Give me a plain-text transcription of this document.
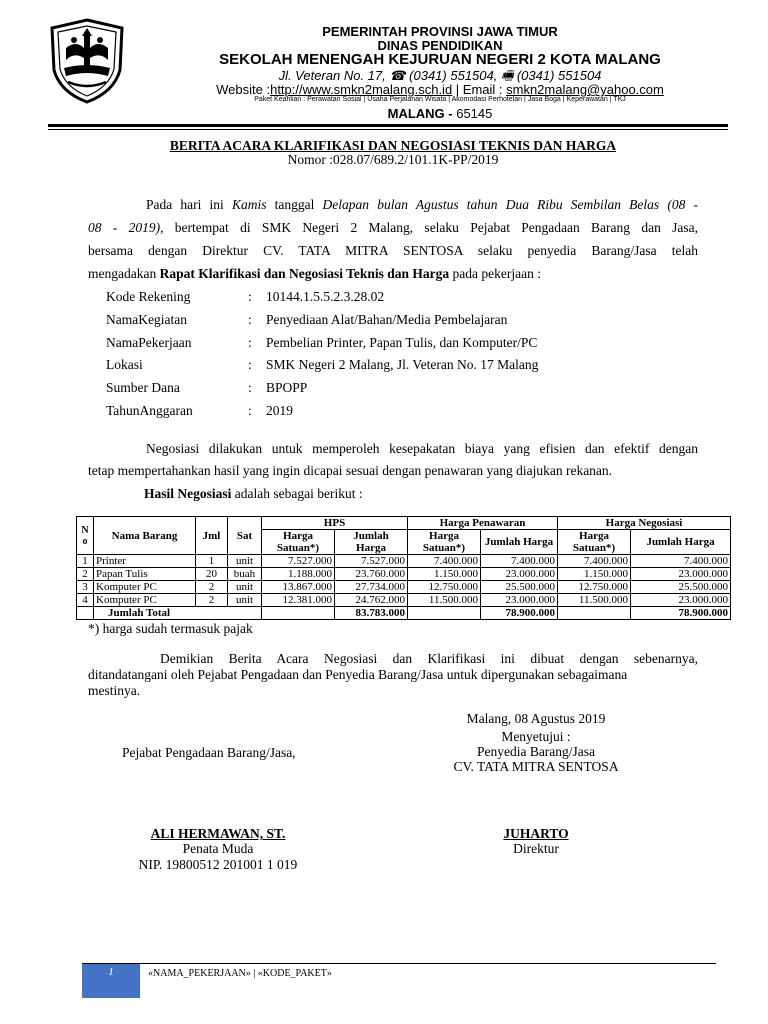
PEMERINTAH PROVINSI JAWA TIMUR
DINAS PENDIDIKAN
SEKOLAH MENENGAH KEJURUAN NEGERI 2 KOTA MALANG
Jl. Veteran No. 17, ☎ (0341) 551504, 🖷 (0341) 551504
Website :http://www.smkn2malang.sch.id | Email : smkn2malang@yahoo.com
Paket Keahlian : Perawatan Sosial | Usaha Perjalanan Wisata | Akomodasi Perhotelan | Jasa Boga | Keperawatan | TKJ
MALANG - 65145
BERITA ACARA KLARIFIKASI DAN NEGOSIASI TEKNIS DAN HARGA
Nomor :028.07/689.2/101.1K-PP/2019
Pada hari ini Kamis tanggal Delapan bulan Agustus tahun Dua Ribu Sembilan Belas (08 -
08 - 2019), bertempat di SMK Negeri 2 Malang, selaku Pejabat Pengadaan Barang dan Jasa,
bersama dengan Direktur CV. TATA MITRA SENTOSA selaku penyedia Barang/Jasa telah
mengadakan Rapat Klarifikasi dan Negosiasi Teknis dan Harga pada pekerjaan :
Kode Rekening	: 10144.1.5.5.2.3.28.02
NamaKegiatan	: Penyediaan Alat/Bahan/Media Pembelajaran
NamaPekerjaan	: Pembelian Printer, Papan Tulis, dan Komputer/PC
Lokasi	: SMK Negeri 2 Malang, Jl. Veteran No. 17 Malang
Sumber Dana	: BPOPP
TahunAnggaran	: 2019
Negosiasi dilakukan untuk memperoleh kesepakatan biaya yang efisien dan efektif dengan
tetap mempertahankan hasil yang ingin dicapai sesuai dengan penawaran yang diajukan rekanan.
Hasil Negosiasi adalah sebagai berikut :
N o	Nama Barang	Jml	Sat	HPS		Harga Penawaran		Harga Negosiasi	
				Harga Satuan*)	Jumlah Harga	Harga Satuan*)	Jumlah Harga	Harga Satuan*)	Jumlah Harga
1	Printer	1	unit	7.527.000	7.527.000	7.400.000	7.400.000	7.400.000	7.400.000
2	Papan Tulis	20	buah	1.188.000	23.760.000	1.150.000	23.000.000	1.150.000	23.000.000
3	Komputer PC	2	unit	13.867.000	27.734.000	12.750.000	25.500.000	12.750.000	25.500.000
4	Komputer PC	2	unit	12.381.000	24.762.000	11.500.000	23.000.000	11.500.000	23.000.000
	Jumlah Total				83.783.000		78.900.000		78.900.000
*) harga sudah termasuk pajak
Demikian Berita Acara Negosiasi dan Klarifikasi ini dibuat dengan sebenarnya,
ditandatangani oleh Pejabat Pengadaan dan Penyedia Barang/Jasa untuk dipergunakan sebagaimana
mestinya.
Malang, 08 Agustus 2019
Menyetujui :
Pejabat Pengadaan Barang/Jasa,	Penyedia Barang/Jasa
CV. TATA MITRA SENTOSA
ALI HERMAWAN, ST.
Penata Muda
NIP. 19800512 201001 1 019
JUHARTO
Direktur
1	«NAMA_PEKERJAAN» | «KODE_PAKET»
